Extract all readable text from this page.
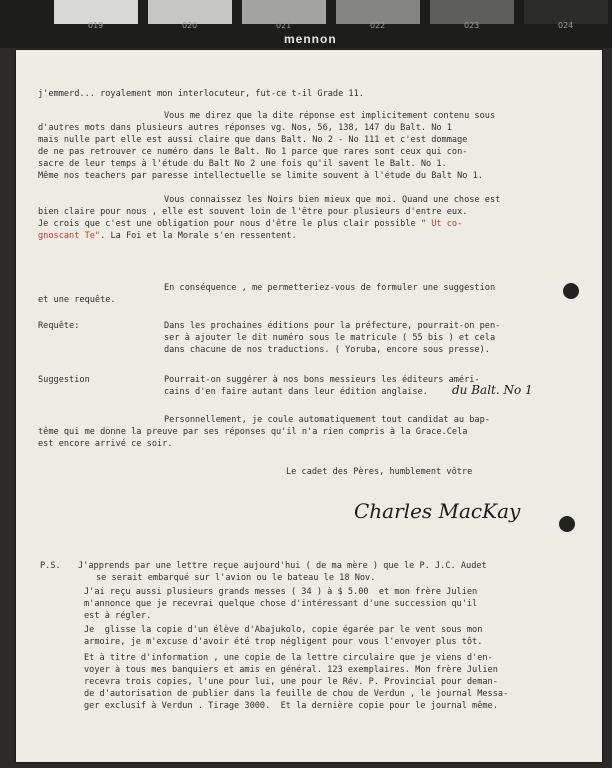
019	020	021	022	023	024
mennon
j'emmerd... royalement mon interlocuteur, fut-ce t-il Grade 11.
Vous me direz que la dite réponse est implicitement contenu sous
d'autres mots dans plusieurs autres réponses vg. Nos, 56, 138, 147 du Balt. No 1
mais nulle part elle est aussi claire que dans Balt. No 2 - No 111 et c'est dommage
de ne pas retrouver ce numéro dans le Balt. No 1 parce que rares sont ceux qui con-
sacre de leur temps à l'étude du Balt No 2 une fois qu'il savent le Balt. No 1.
Même nos teachers par paresse intellectuelle se limite souvent à l'étude du Balt No 1.
Vous connaissez les Noirs bien mieux que moi. Quand une chose est
bien claire pour nous , elle est souvent loin de l'être pour plusieurs d'entre eux.
Je crois que c'est une obligation pour nous d'être le plus clair possible " Ut co-
gnoscant Te". La Foi et la Morale s'en ressentent.
En conséquence , me permetteriez-vous de formuler une suggestion
et une requête.
Requête:	Dans les prochaines éditions pour la préfecture, pourrait-on pen-
ser à ajouter le dit numéro sous le matricule ( 55 bis ) et cela
dans chacune de nos traductions. ( Yoruba, encore sous presse).
Suggestion	Pourrait-on suggérer à nos bons messieurs les éditeurs améri-
cains d'en faire autant dans leur édition anglaise. du Balt. No 1
Personnellement, je coule automatiquement tout candidat au bap-
tême qui me donne la preuve par ses réponses qu'il n'a rien compris à la Grace.Cela
est encore arrivé ce soir.
Le cadet des Pères, humblement vôtre
Charles MacKay
P.S. J'apprends par une lettre reçue aujourd'hui ( de ma mère ) que le P. J.C. Audet
se serait embarqué sur l'avion ou le bateau le 18 Nov.
J'ai reçu aussi plusieurs grands messes ( 34 ) à $ 5.00  et mon frère Julien
m'annonce que je recevrai quelque chose d'intéressant d'une succession qu'il
est à régler.
Je  glisse la copie d'un élève d'Abajukolo, copie égarée par le vent sous mon
armoire, je m'excuse d'avoir été trop négligent pour vous l'envoyer plus tôt.
Et à titre d'information , une copie de la lettre circulaire que je viens d'en-
voyer à tous mes banquiers et amis en général. 123 exemplaires. Mon frère Julien
recevra trois copies, l'une pour lui, une pour le Rév. P. Provincial pour deman-
de d'autorisation de publier dans la feuille de chou de Verdun , le journal Messa-
ger exclusif à Verdun . Tirage 3000.  Et la dernière copie pour le journal même.
